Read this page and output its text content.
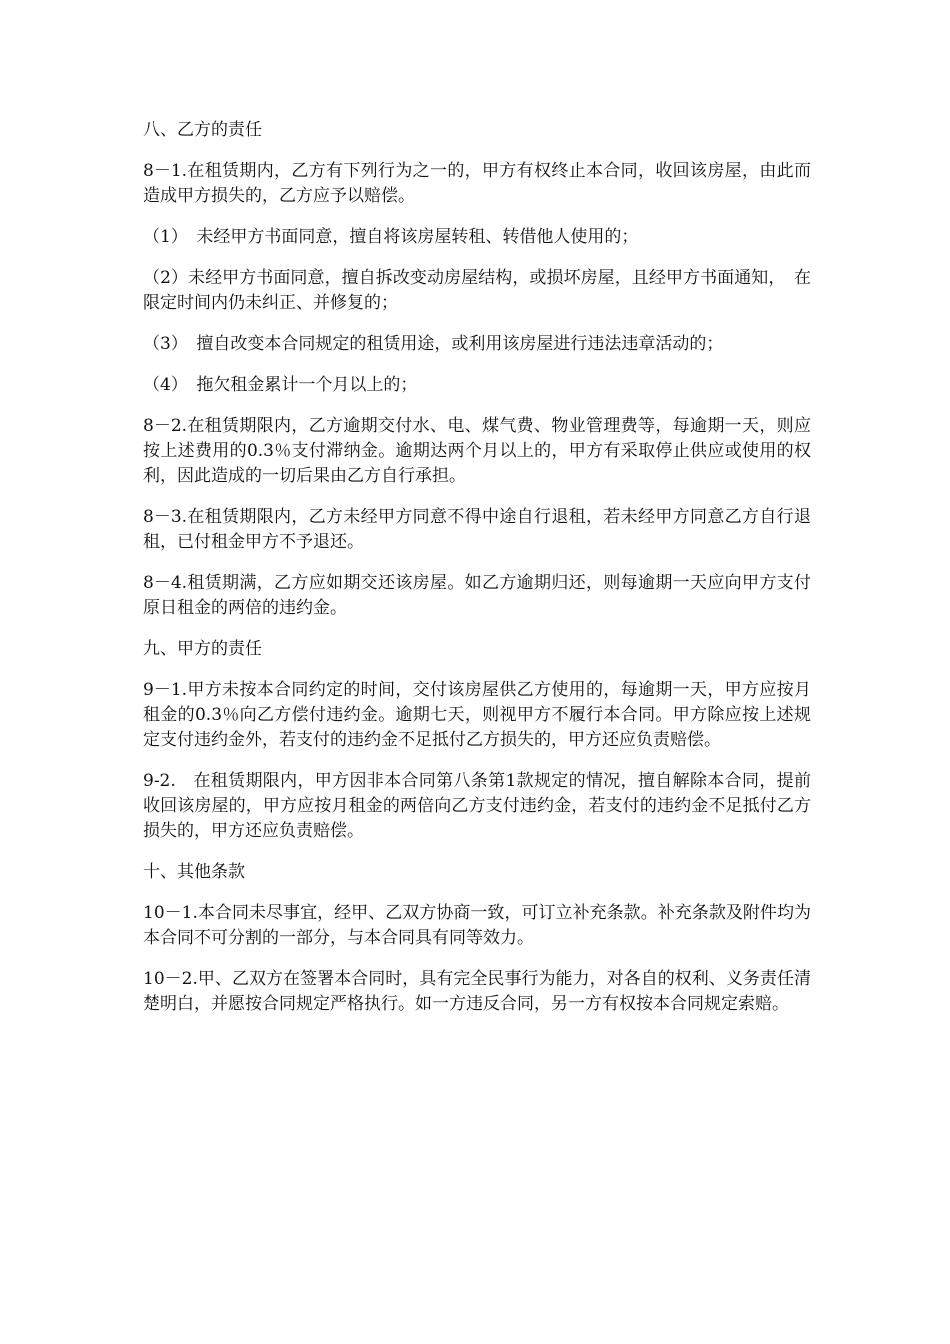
八、乙方的责任

8－1.在租赁期内，乙方有下列行为之一的，甲方有权终止本合同，收回该房屋，由此而造成甲方损失的，乙方应予以赔偿。

（1）　未经甲方书面同意，擅自将该房屋转租、转借他人使用的；

（2）未经甲方书面同意，擅自拆改变动房屋结构，或损坏房屋，且经甲方书面通知，　在限定时间内仍未纠正、并修复的；

（3）　擅自改变本合同规定的租赁用途，或利用该房屋进行违法违章活动的；

（4）　拖欠租金累计一个月以上的；

8－2.在租赁期限内，乙方逾期交付水、电、煤气费、物业管理费等，每逾期一天，则应按上述费用的0.3％支付滞纳金。逾期达两个月以上的，甲方有采取停止供应或使用的权利，因此造成的一切后果由乙方自行承担。

8－3.在租赁期限内，乙方未经甲方同意不得中途自行退租，若未经甲方同意乙方自行退租，已付租金甲方不予退还。

8－4.租赁期满，乙方应如期交还该房屋。如乙方逾期归还，则每逾期一天应向甲方支付原日租金的两倍的违约金。

九、甲方的责任

9－1.甲方未按本合同约定的时间，交付该房屋供乙方使用的，每逾期一天，甲方应按月租金的0.3％向乙方偿付违约金。逾期七天，则视甲方不履行本合同。甲方除应按上述规定支付违约金外，若支付的违约金不足抵付乙方损失的，甲方还应负责赔偿。

9-2.　在租赁期限内，甲方因非本合同第八条第1款规定的情况，擅自解除本合同，提前收回该房屋的，甲方应按月租金的两倍向乙方支付违约金，若支付的违约金不足抵付乙方损失的，甲方还应负责赔偿。

十、其他条款

10－1.本合同未尽事宜，经甲、乙双方协商一致，可订立补充条款。补充条款及附件均为本合同不可分割的一部分，与本合同具有同等效力。

10－2.甲、乙双方在签署本合同时，具有完全民事行为能力，对各自的权利、义务责任清楚明白，并愿按合同规定严格执行。如一方违反合同，另一方有权按本合同规定索赔。
